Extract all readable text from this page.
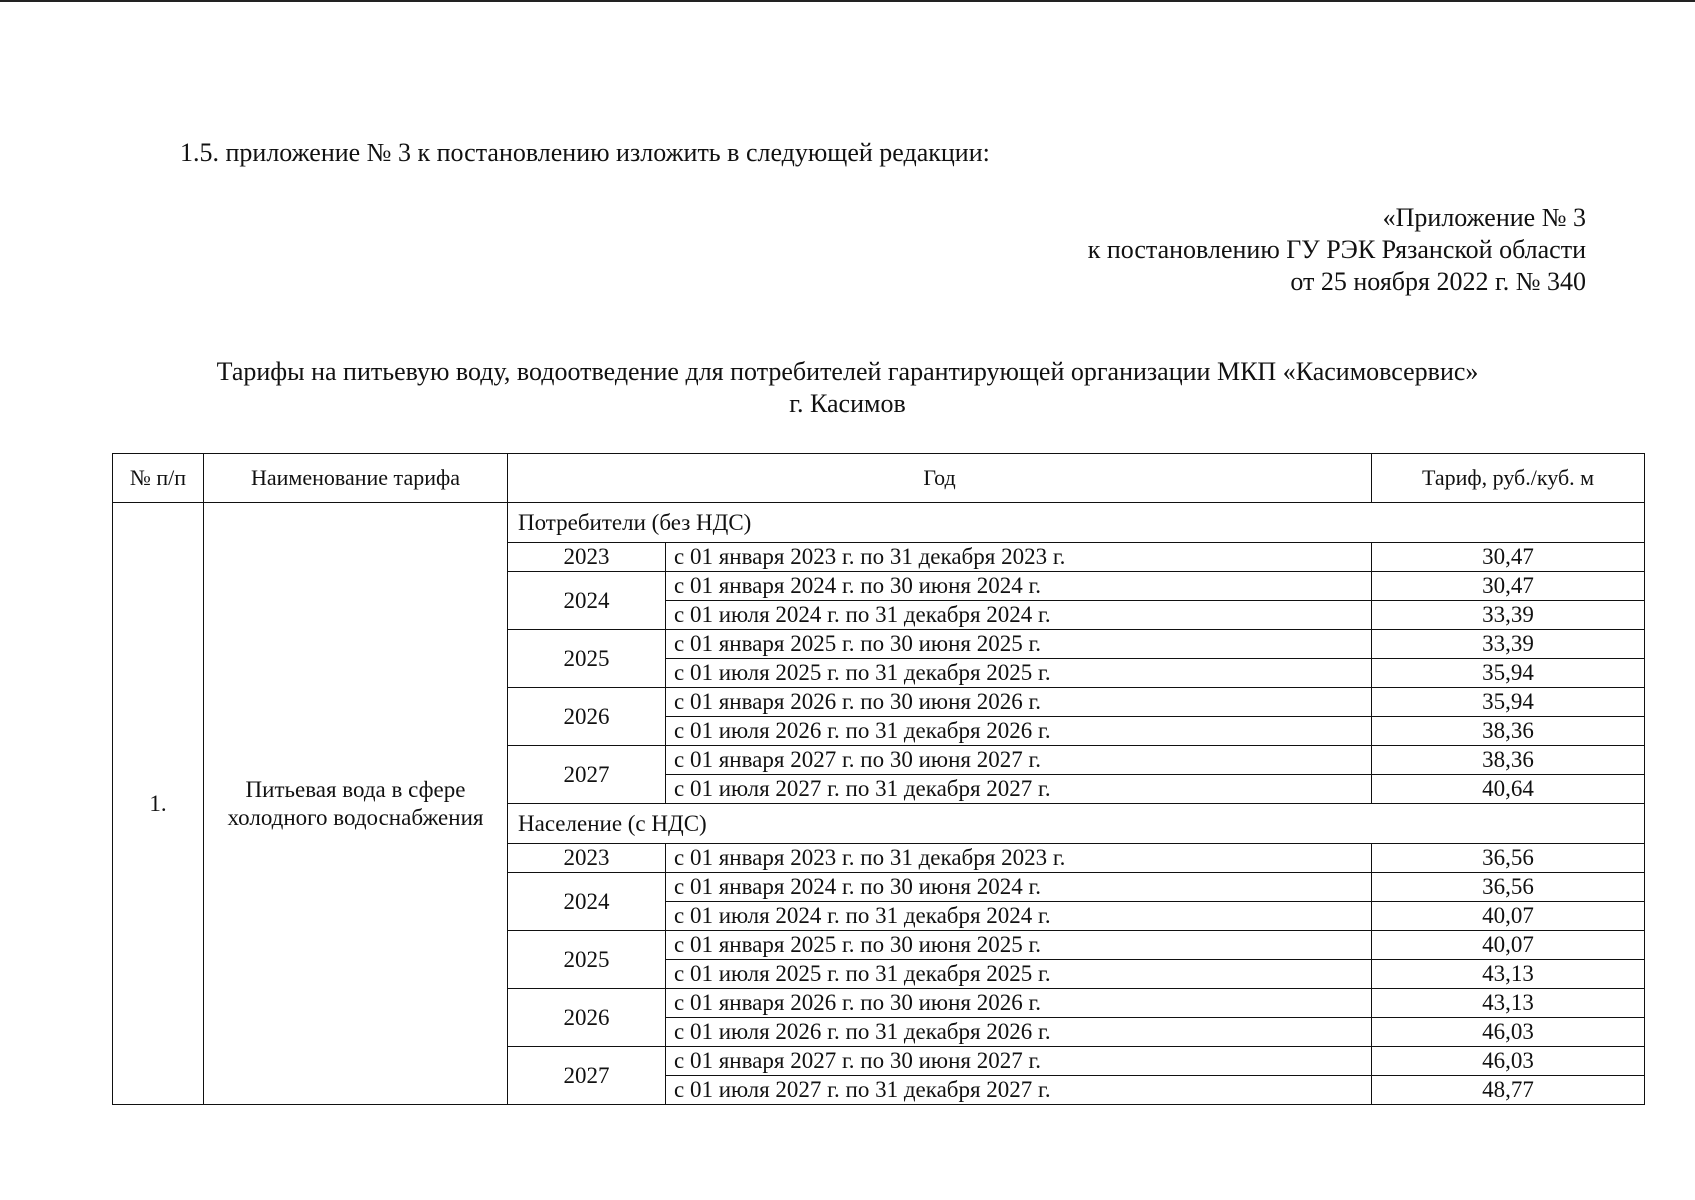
1.5. приложение № 3 к постановлению изложить в следующей редакции:
«Приложение № 3
к постановлению ГУ РЭК Рязанской области
от 25 ноября 2022 г. № 340
Тарифы на питьевую воду, водоотведение для потребителей гарантирующей организации МКП «Касимовсервис»
г. Касимов
№ п/п	Наименование тарифа	Год		Тариф, руб./куб. м
1.	Питьевая вода в сфере холодного водоснабжения	Потребители (без НДС)		
		2023	с 01 января 2023 г. по 31 декабря 2023 г.	30,47
		2024	с 01 января 2024 г. по 30 июня 2024 г.	30,47
			с 01 июля 2024 г. по 31 декабря 2024 г.	33,39
		2025	с 01 января 2025 г. по 30 июня 2025 г.	33,39
			с 01 июля 2025 г. по 31 декабря 2025 г.	35,94
		2026	с 01 января 2026 г. по 30 июня 2026 г.	35,94
			с 01 июля 2026 г. по 31 декабря 2026 г.	38,36
		2027	с 01 января 2027 г. по 30 июня 2027 г.	38,36
			с 01 июля 2027 г. по 31 декабря 2027 г.	40,64
		Население (с НДС)		
		2023	с 01 января 2023 г. по 31 декабря 2023 г.	36,56
		2024	с 01 января 2024 г. по 30 июня 2024 г.	36,56
			с 01 июля 2024 г. по 31 декабря 2024 г.	40,07
		2025	с 01 января 2025 г. по 30 июня 2025 г.	40,07
			с 01 июля 2025 г. по 31 декабря 2025 г.	43,13
		2026	с 01 января 2026 г. по 30 июня 2026 г.	43,13
			с 01 июля 2026 г. по 31 декабря 2026 г.	46,03
		2027	с 01 января 2027 г. по 30 июня 2027 г.	46,03
			с 01 июля 2027 г. по 31 декабря 2027 г.	48,77
